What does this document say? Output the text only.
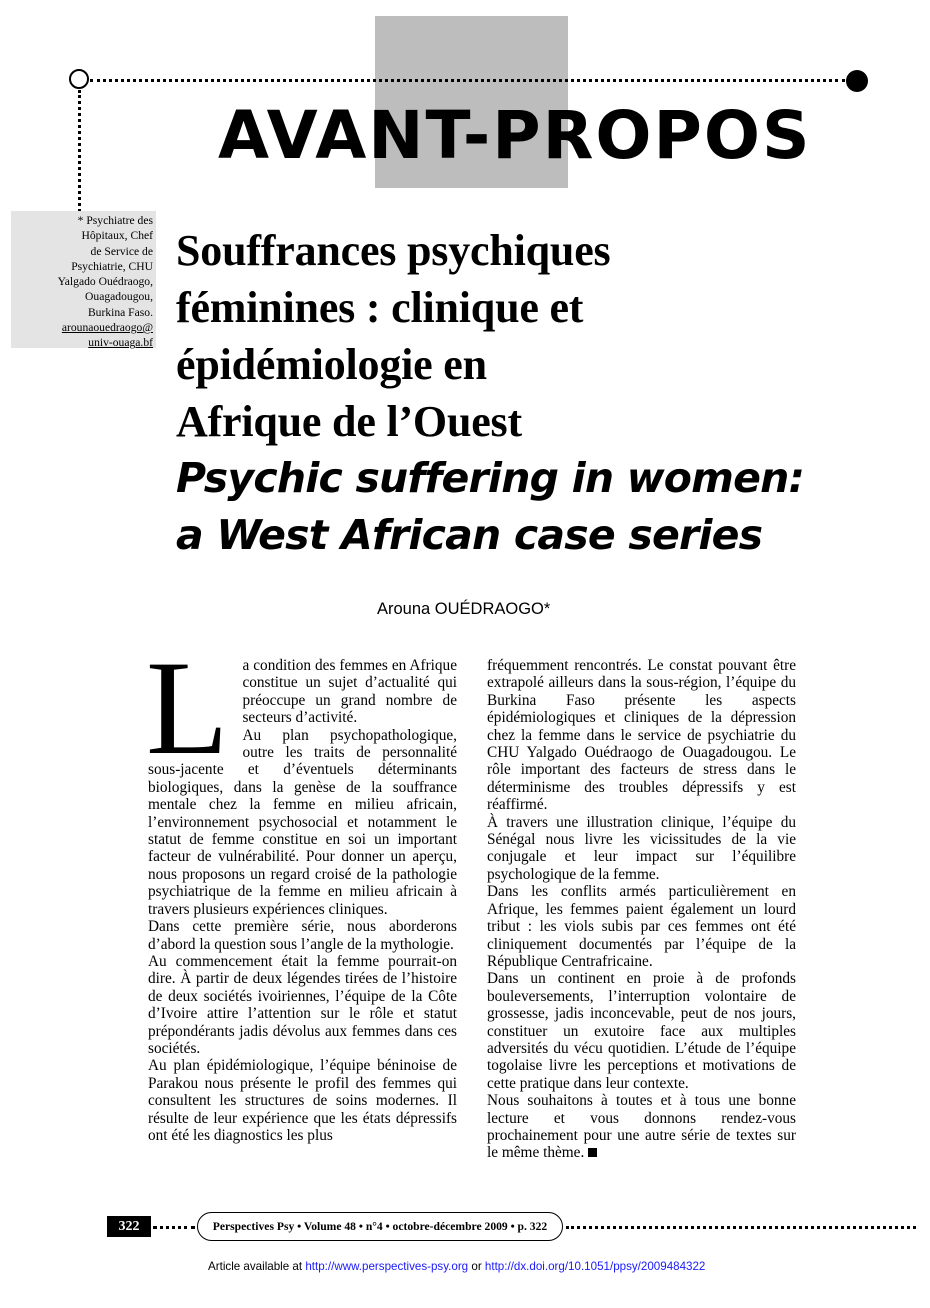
AVANT-PROPOS
* Psychiatre des
Hôpitaux, Chef
de Service de
Psychiatrie, CHU
Yalgado Ouédraogo,
Ouagadougou,
Burkina Faso.
arounaouedraogo@
univ-ouaga.bf
Souffrances psychiques
féminines : clinique et
épidémiologie en
Afrique de l’Ouest
Psychic suffering in women:
a West African case series
Arouna OUÉDRAOGO*
L a condition des femmes en Afrique constitue un sujet d’actualité qui préoccupe un grand nombre de secteurs d’activité.

Au plan psychopathologique, outre les traits de personnalité sous-jacente et d’éventuels déterminants biologiques, dans la genèse de la souffrance mentale chez la femme en milieu africain, l’environnement psychosocial et notamment le statut de femme constitue en soi un important facteur de vulnérabilité. Pour donner un aperçu, nous proposons un regard croisé de la pathologie psychiatrique de la femme en milieu africain à travers plusieurs expériences cliniques.

Dans cette première série, nous aborderons d’abord la question sous l’angle de la mythologie.

Au commencement était la femme pourrait-on dire. À partir de deux légendes tirées de l’histoire de deux sociétés ivoiriennes, l’équipe de la Côte d’Ivoire attire l’attention sur le rôle et statut prépondérants jadis dévolus aux femmes dans ces sociétés.

Au plan épidémiologique, l’équipe béninoise de Parakou nous présente le profil des femmes qui consultent les structures de soins modernes. Il résulte de leur expérience que les états dépressifs ont été les diagnostics les plus

fréquemment rencontrés. Le constat pouvant être extrapolé ailleurs dans la sous-région, l’équipe du Burkina Faso présente les aspects épidémiologiques et cliniques de la dépression chez la femme dans le service de psychiatrie du CHU Yalgado Ouédraogo de Ouagadougou. Le rôle important des facteurs de stress dans le déterminisme des troubles dépressifs y est réaffirmé.

À travers une illustration clinique, l’équipe du Sénégal nous livre les vicissitudes de la vie conjugale et leur impact sur l’équilibre psychologique de la femme.

Dans les conflits armés particulièrement en Afrique, les femmes paient également un lourd tribut : les viols subis par ces femmes ont été cliniquement documentés par l’équipe de la République Centrafricaine.

Dans un continent en proie à de profonds bouleversements, l’interruption volontaire de grossesse, jadis inconcevable, peut de nos jours, constituer un exutoire face aux multiples adversités du vécu quotidien. L’étude de l’équipe togolaise livre les perceptions et motivations de cette pratique dans leur contexte.

Nous souhaitons à toutes et à tous une bonne lecture et vous donnons rendez-vous prochainement pour une autre série de textes sur le même thème.

322	Perspectives Psy • Volume 48 • n°4 • octobre-décembre 2009 • p. 322
Article available at http://www.perspectives-psy.org or http://dx.doi.org/10.1051/ppsy/2009484322
